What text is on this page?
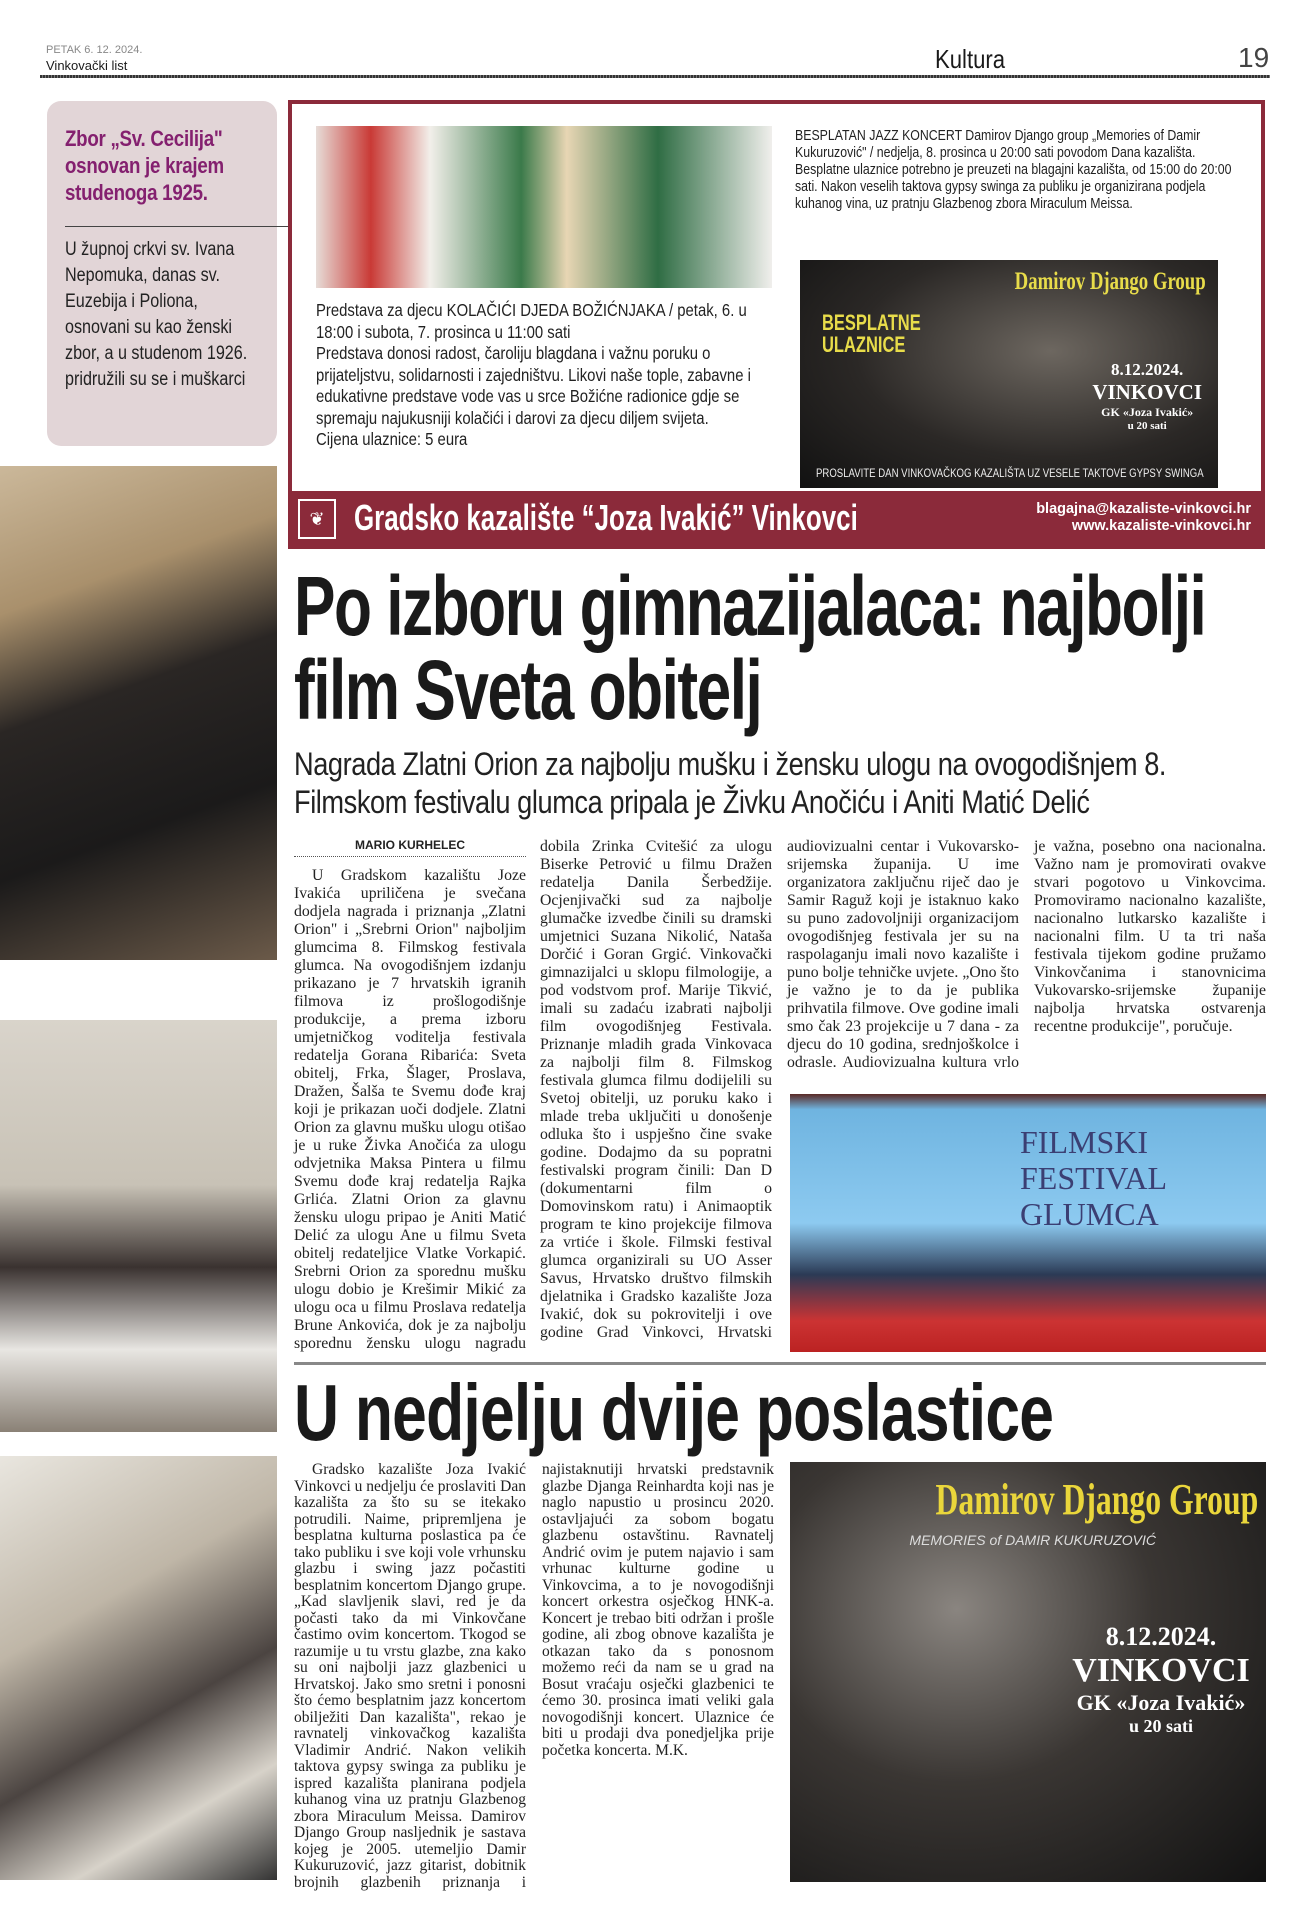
PETAK 6. 12. 2024.
Vinkovački list	Kultura	19
Zbor „Sv. Cecilija" osnovan je krajem studenoga 1925.

U župnoj crkvi sv. Ivana Nepomuka, danas sv. Euzebija i Poliona, osnovani su kao ženski zbor, a u studenom 1926. pridružili su se i muškarci

Predstava za djecu KOLAČIĆI DJEDA BOŽIĆNJAKA / petak, 6. u 18:00 i subota, 7. prosinca u 11:00 sati
Predstava donosi radost, čaroliju blagdana i važnu poruku o prijateljstvu, solidarnosti i zajedništvu. Likovi naše tople, zabavne i edukativne predstave vode vas u srce Božićne radionice gdje se spremaju najukusniji kolačići i darovi za djecu diljem svijeta.
Cijena ulaznice: 5 eura
BESPLATAN JAZZ KONCERT Damirov Django group „Memories of Damir Kukuruzović" / nedjelja, 8. prosinca u 20:00 sati povodom Dana kazališta.
Besplatne ulaznice potrebno je preuzeti na blagajni kazališta, od 15:00 do 20:00 sati. Nakon veselih taktova gypsy swinga za publiku je organizirana podjela kuhanog vina, uz pratnju Glazbenog zbora Miraculum Meissa.
Damirov Django Group
BESPLATNE ULAZNICE
8.12.2024.
VINKOVCI
GK «Joza Ivakić»
u 20 sati
PROSLAVITE DAN VINKOVAČKOG KAZALIŠTA UZ VESELE TAKTOVE GYPSY SWINGA
❦ Gradsko kazalište “Joza Ivakić” Vinkovci	blagajna@kazaliste-vinkovci.hr
www.kazaliste-vinkovci.hr
Po izboru gimnazijalaca: najbolji film Sveta obitelj
Nagrada Zlatni Orion za najbolju mušku i žensku ulogu na ovogodišnjem 8. Filmskom festivalu glumca pripala je Živku Anočiću i Aniti Matić Delić
MARIO KURHELEC

U Gradskom kazalištu Joze Ivakića upriličena je svečana dodjela nagrada i priznanja „Zlatni Orion" i „Srebrni Orion" najboljim glumcima 8. Filmskog festivala glumca. Na ovogodišnjem izdanju prikazano je 7 hrvatskih igranih filmova iz prošlogodišnje produkcije, a prema izboru umjetničkog voditelja festivala redatelja Gorana Ribarića: Sveta obitelj, Frka, Šlager, Proslava, Dražen, Šalša te Svemu dođe kraj koji je prikazan uoči dodjele. Zlatni Orion za glavnu mušku ulogu otišao je u ruke Živka Anočića za ulogu odvjetnika Maksa Pintera u filmu Svemu dođe kraj redatelja Rajka Grlića. Zlatni Orion za glavnu žensku ulogu pripao je Aniti Matić Delić za ulogu Ane u filmu Sveta obitelj redateljice Vlatke Vorkapić. Srebrni Orion za sporednu mušku ulogu dobio je Krešimir Mikić za ulogu oca u filmu Proslava redatelja Brune Ankovića, dok je za najbolju sporednu žensku ulogu nagradu

dobila Zrinka Cvitešić za ulogu Biserke Petrović u filmu Dražen redatelja Danila Šerbedžije. Ocjenjivački sud za najbolje glumačke izvedbe činili su dramski umjetnici Suzana Nikolić, Nataša Dorčić i Goran Grgić. Vinkovački gimnazijalci u sklopu filmologije, a pod vodstvom prof. Marije Tikvić, imali su zadaću izabrati najbolji film ovogodišnjeg Festivala. Priznanje mladih grada Vinkovaca za najbolji film 8. Filmskog festivala glumca filmu dodijelili su Svetoj obitelji, uz poruku kako i mlade treba uključiti u donošenje odluka što i uspješno čine svake godine. Dodajmo da su popratni festivalski program činili: Dan D (dokumentarni film o Domovinskom ratu) i Animaoptik program te kino projekcije filmova za vrtiće i škole. Filmski festival glumca organizirali su UO Asser Savus, Hrvatsko društvo filmskih djelatnika i Gradsko kazalište Joza Ivakić, dok su pokrovitelji i ove godine Grad Vinkovci, Hrvatski

audiovizualni centar i Vukovarsko-srijemska županija. U ime organizatora zaključnu riječ dao je Samir Raguž koji je istaknuo kako su puno zadovoljniji organizacijom ovogodišnjeg festivala jer su na raspolaganju imali novo kazalište i puno bolje tehničke uvjete. „Ono što je važno je to da je publika prihvatila filmove. Ove godine imali smo čak 23 projekcije u 7 dana - za djecu do 10 godina, srednjoškolce i odrasle. Audiovizualna kultura vrlo

je važna, posebno ona nacionalna. Važno nam je promovirati ovakve stvari pogotovo u Vinkovcima. Promoviramo nacionalno kazalište, nacionalno lutkarsko kazalište i nacionalni film. U ta tri naša festivala tijekom godine pružamo Vinkovčanima i stanovnicima Vukovarsko-srijemske županije najbolja hrvatska ostvarenja recentne produkcije", poručuje.

FILMSKI FESTIVAL GLUMCA
U nedjelju dvije poslastice

Gradsko kazalište Joza Ivakić Vinkovci u nedjelju će proslaviti Dan kazališta za što su se itekako potrudili. Naime, pripremljena je besplatna kulturna poslastica pa će tako publiku i sve koji vole vrhunsku glazbu i swing jazz počastiti besplatnim koncertom Django grupe. „Kad slavljenik slavi, red je da počasti tako da mi Vinkovčane častimo ovim koncertom. Tkogod se razumije u tu vrstu glazbe, zna kako su oni najbolji jazz glazbenici u Hrvatskoj. Jako smo sretni i ponosni što ćemo besplatnim jazz koncertom obilježiti Dan kazališta", rekao je ravnatelj vinkovačkog kazališta Vladimir Andrić. Nakon velikih taktova gypsy swinga za publiku je ispred kazališta planirana podjela kuhanog vina uz pratnju Glazbenog zbora Miraculum Meissa. Damirov Django Group nasljednik je sastava kojeg je 2005. utemeljio Damir Kukuruzović, jazz gitarist, dobitnik brojnih glazbenih priznanja i

najistaknutiji hrvatski predstavnik glazbe Djanga Reinhardta koji nas je naglo napustio u prosincu 2020. ostavljajući za sobom bogatu glazbenu ostavštinu. Ravnatelj Andrić ovim je putem najavio i sam vrhunac kulturne godine u Vinkovcima, a to je novogodišnji koncert orkestra osječkog HNK-a. Koncert je trebao biti održan i prošle godine, ali zbog obnove kazališta je otkazan tako da s ponosnom možemo reći da nam se u grad na Bosut vraćaju osječki glazbenici te ćemo 30. prosinca imati veliki gala novogodišnji koncert. Ulaznice će biti u prodaji dva ponedjeljka prije početka koncerta. M.K.

Damirov Django Group
MEMORIES of DAMIR KUKURUZOVIĆ
8.12.2024.
VINKOVCI
GK «Joza Ivakić»
u 20 sati
